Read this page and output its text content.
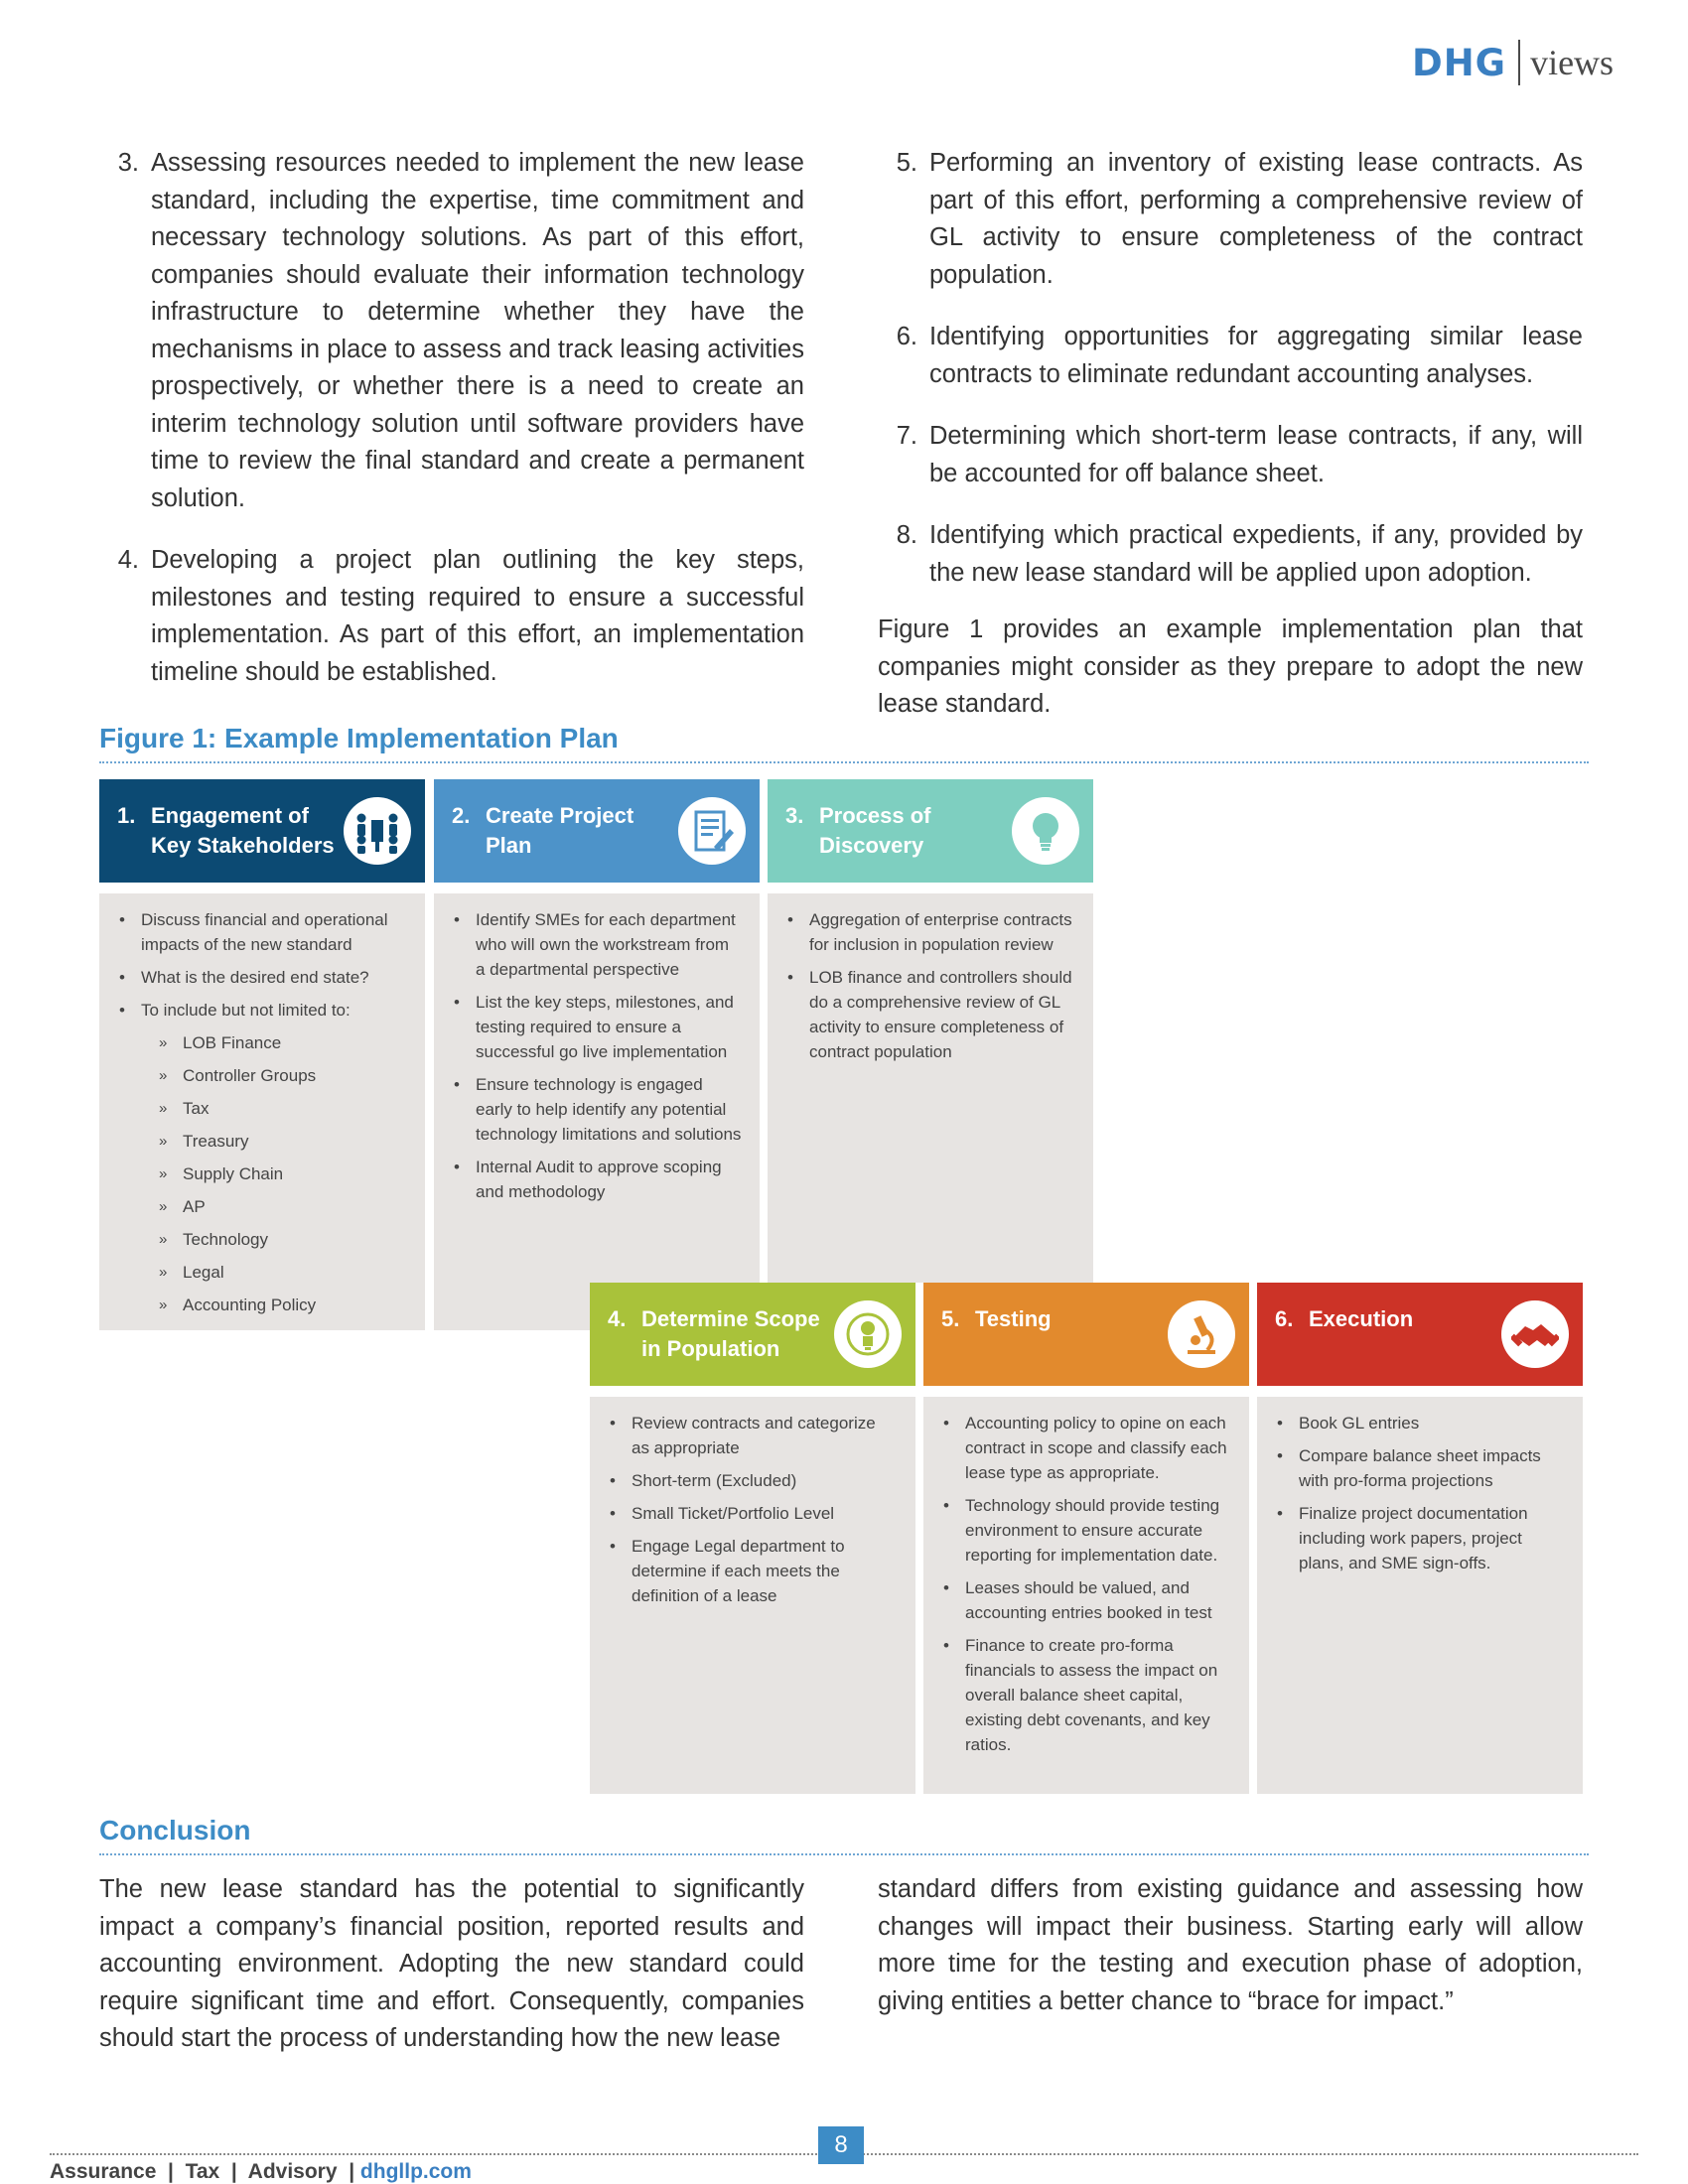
DHG views
3. Assessing resources needed to implement the new lease standard, including the expertise, time commitment and necessary technology solutions. As part of this effort, companies should evaluate their information technology infrastructure to determine whether they have the mechanisms in place to assess and track leasing activities prospectively, or whether there is a need to create an interim technology solution until software providers have time to review the final standard and create a permanent solution.
4. Developing a project plan outlining the key steps, milestones and testing required to ensure a successful implementation. As part of this effort, an implementation timeline should be established.
5. Performing an inventory of existing lease contracts. As part of this effort, performing a comprehensive review of GL activity to ensure completeness of the contract population.
6. Identifying opportunities for aggregating similar lease contracts to eliminate redundant accounting analyses.
7. Determining which short-term lease contracts, if any, will be accounted for off balance sheet.
8. Identifying which practical expedients, if any, provided by the new lease standard will be applied upon adoption.
Figure 1 provides an example implementation plan that companies might consider as they prepare to adopt the new lease standard.
Figure 1: Example Implementation Plan
1. Engagement of Key Stakeholders
• Discuss financial and operational impacts of the new standard
• What is the desired end state?
• To include but not limited to:
» LOB Finance
» Controller Groups
» Tax
» Treasury
» Supply Chain
» AP
» Technology
» Legal
» Accounting Policy
2. Create Project Plan
• Identify SMEs for each department who will own the workstream from a departmental perspective
• List the key steps, milestones, and testing required to ensure a successful go live implementation
• Ensure technology is engaged early to help identify any potential technology limitations and solutions
• Internal Audit to approve scoping and methodology
3. Process of Discovery
• Aggregation of enterprise contracts for inclusion in population review
• LOB finance and controllers should do a comprehensive review of GL activity to ensure completeness of contract population
4. Determine Scope in Population
• Review contracts and categorize as appropriate
• Short-term (Excluded)
• Small Ticket/Portfolio Level
• Engage Legal department to determine if each meets the definition of a lease
5. Testing
• Accounting policy to opine on each contract in scope and classify each lease type as appropriate.
• Technology should provide testing environment to ensure accurate reporting for implementation date.
• Leases should be valued, and accounting entries booked in test
• Finance to create pro-forma financials to assess the impact on overall balance sheet capital, existing debt covenants, and key ratios.
6. Execution
• Book GL entries
• Compare balance sheet impacts with pro-forma projections
• Finalize project documentation including work papers, project plans, and SME sign-offs.
Conclusion
The new lease standard has the potential to significantly impact a company’s financial position, reported results and accounting environment. Adopting the new standard could require significant time and effort. Consequently, companies should start the process of understanding how the new lease
standard differs from existing guidance and assessing how changes will impact their business. Starting early will allow more time for the testing and execution phase of adoption, giving entities a better chance to “brace for impact.”
8
Assurance  |  Tax  |  Advisory  | dhgllp.com
